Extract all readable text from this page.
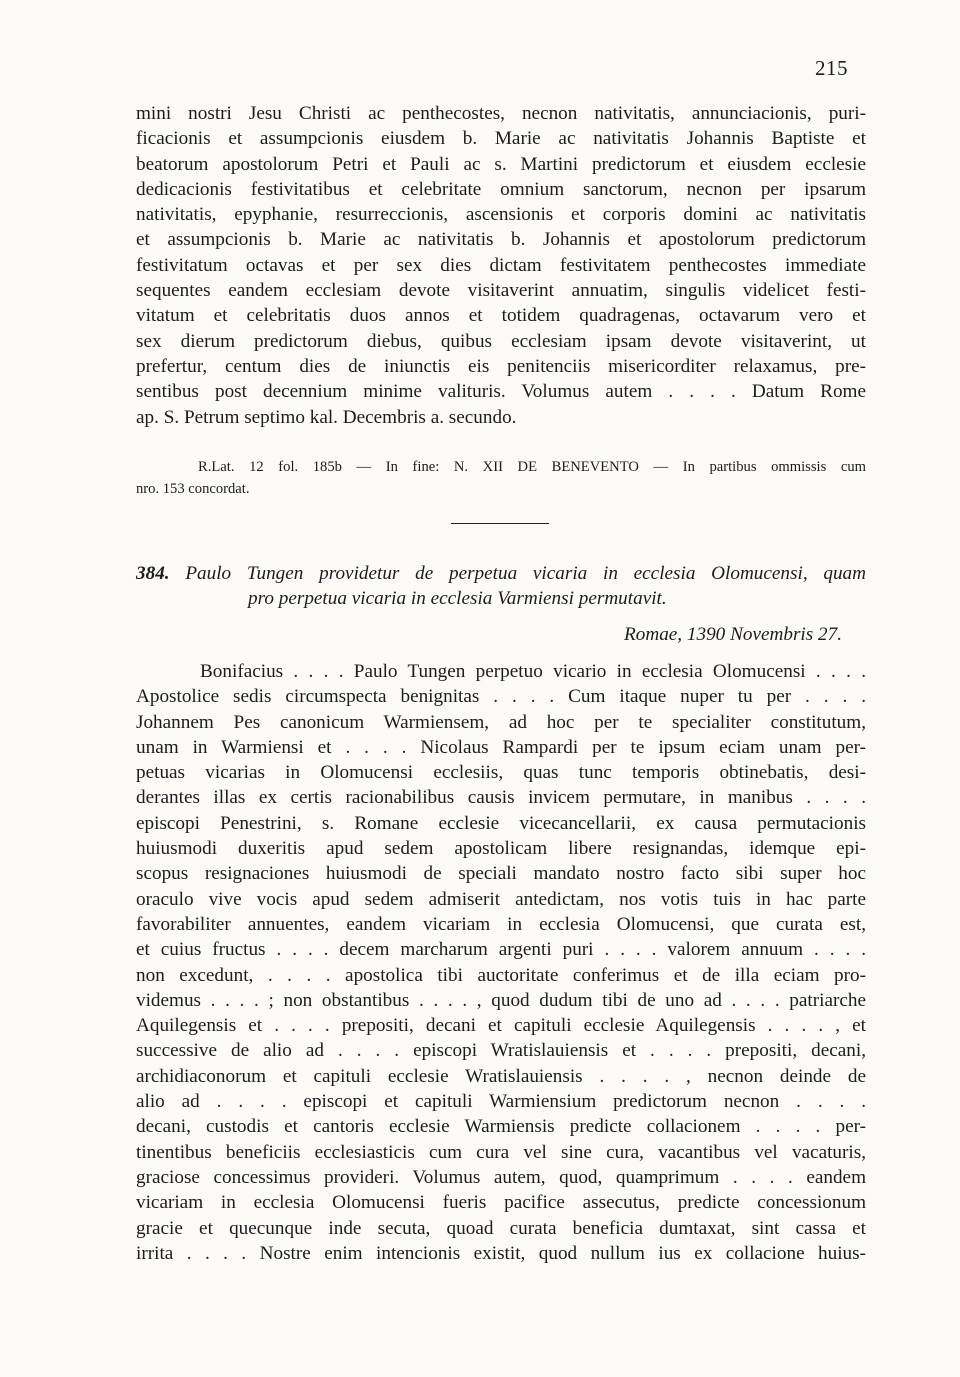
215
mini nostri Jesu Christi ac penthecostes, necnon nativitatis, annunciacionis, puri-
ficacionis et assumpcionis eiusdem b. Marie ac nativitatis Johannis Baptiste et
beatorum apostolorum Petri et Pauli ac s. Martini predictorum et eiusdem ecclesie
dedicacionis festivitatibus et celebritate omnium sanctorum, necnon per ipsarum
nativitatis, epyphanie, resurreccionis, ascensionis et corporis domini ac nativitatis
et assumpcionis b. Marie ac nativitatis b. Johannis et apostolorum predictorum
festivitatum octavas et per sex dies dictam festivitatem penthecostes immediate
sequentes eandem ecclesiam devote visitaverint annuatim, singulis videlicet festi-
vitatum et celebritatis duos annos et totidem quadragenas, octavarum vero et
sex dierum predictorum diebus, quibus ecclesiam ipsam devote visitaverint, ut
prefertur, centum dies de iniunctis eis penitenciis misericorditer relaxamus, pre-
sentibus post decennium minime valituris. Volumus autem . . . . Datum Rome
ap. S. Petrum septimo kal. Decembris a. secundo.
R.Lat. 12 fol. 185b — In fine: N. XII DE BENEVENTO — In partibus ommissis cum
nro. 153 concordat.
384. Paulo Tungen providetur de perpetua vicaria in ecclesia Olomucensi, quam
pro perpetua vicaria in ecclesia Varmiensi permutavit.
Romae, 1390 Novembris 27.
Bonifacius . . . . Paulo Tungen perpetuo vicario in ecclesia Olomucensi . . . .
Apostolice sedis circumspecta benignitas . . . . Cum itaque nuper tu per . . . .
Johannem Pes canonicum Warmiensem, ad hoc per te specialiter constitutum,
unam in Warmiensi et . . . . Nicolaus Rampardi per te ipsum eciam unam per-
petuas vicarias in Olomucensi ecclesiis, quas tunc temporis obtinebatis, desi-
derantes illas ex certis racionabilibus causis invicem permutare, in manibus . . . .
episcopi Penestrini, s. Romane ecclesie vicecancellarii, ex causa permutacionis
huiusmodi duxeritis apud sedem apostolicam libere resignandas, idemque epi-
scopus resignaciones huiusmodi de speciali mandato nostro facto sibi super hoc
oraculo vive vocis apud sedem admiserit antedictam, nos votis tuis in hac parte
favorabiliter annuentes, eandem vicariam in ecclesia Olomucensi, que curata est,
et cuius fructus . . . . decem marcharum argenti puri . . . . valorem annuum . . . .
non excedunt, . . . . apostolica tibi auctoritate conferimus et de illa eciam pro-
videmus . . . . ; non obstantibus . . . . , quod dudum tibi de uno ad . . . . patriarche
Aquilegensis et . . . . prepositi, decani et capituli ecclesie Aquilegensis . . . . , et
successive de alio ad . . . . episcopi Wratislauiensis et . . . . prepositi, decani,
archidiaconorum et capituli ecclesie Wratislauiensis . . . . , necnon deinde de
alio ad . . . . episcopi et capituli Warmiensium predictorum necnon . . . .
decani, custodis et cantoris ecclesie Warmiensis predicte collacionem . . . . per-
tinentibus beneficiis ecclesiasticis cum cura vel sine cura, vacantibus vel vacaturis,
graciose concessimus provideri. Volumus autem, quod, quamprimum . . . . eandem
vicariam in ecclesia Olomucensi fueris pacifice assecutus, predicte concessionum
gracie et quecunque inde secuta, quoad curata beneficia dumtaxat, sint cassa et
irrita . . . . Nostre enim intencionis existit, quod nullum ius ex collacione huius-
